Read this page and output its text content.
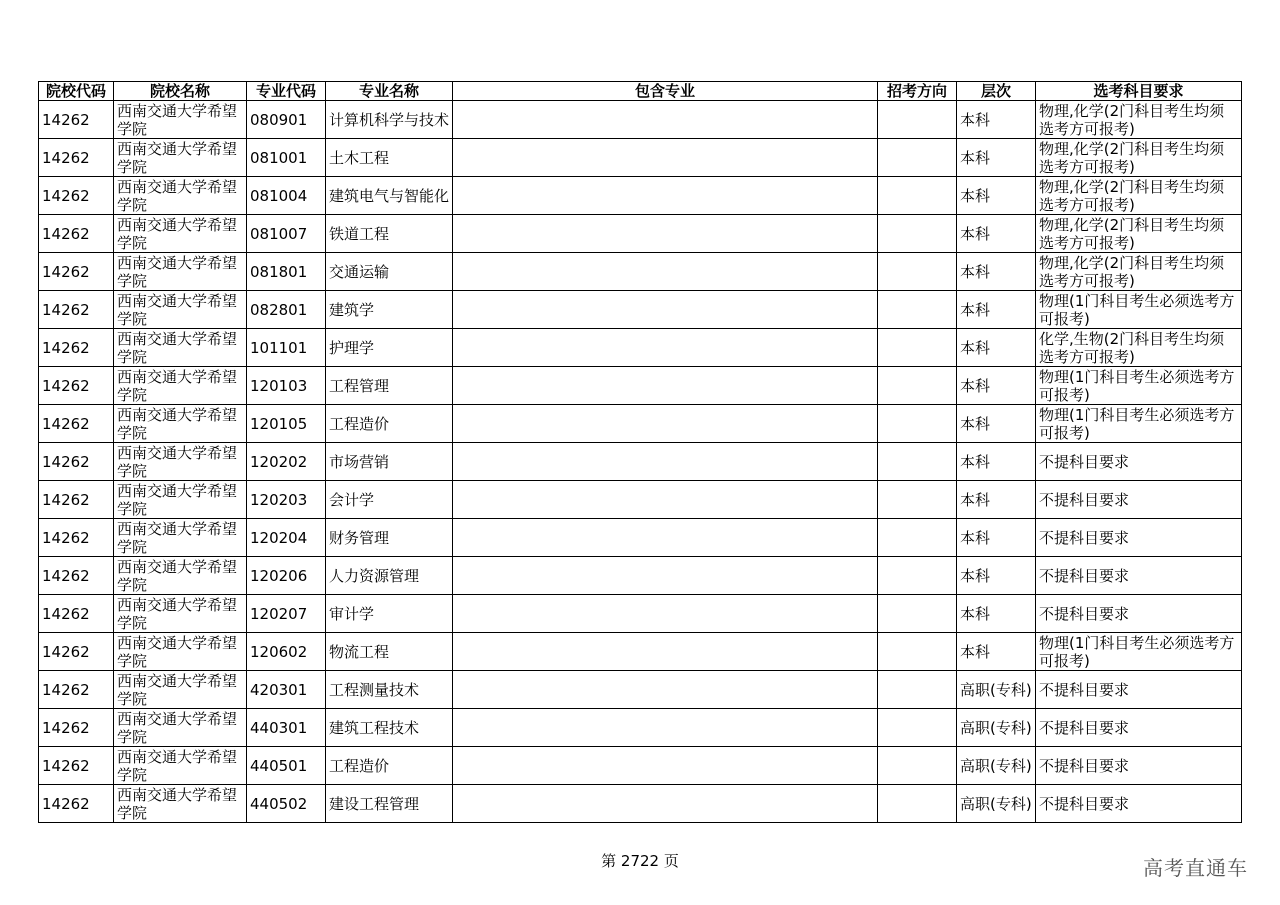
院校代码	院校名称	专业代码	专业名称	包含专业	招考方向	层次	选考科目要求
14262	西南交通大学希望学院	080901	计算机科学与技术			本科	物理,化学(2门科目考生均须选考方可报考)
14262	西南交通大学希望学院	081001	土木工程			本科	物理,化学(2门科目考生均须选考方可报考)
14262	西南交通大学希望学院	081004	建筑电气与智能化			本科	物理,化学(2门科目考生均须选考方可报考)
14262	西南交通大学希望学院	081007	铁道工程			本科	物理,化学(2门科目考生均须选考方可报考)
14262	西南交通大学希望学院	081801	交通运输			本科	物理,化学(2门科目考生均须选考方可报考)
14262	西南交通大学希望学院	082801	建筑学			本科	物理(1门科目考生必须选考方可报考)
14262	西南交通大学希望学院	101101	护理学			本科	化学,生物(2门科目考生均须选考方可报考)
14262	西南交通大学希望学院	120103	工程管理			本科	物理(1门科目考生必须选考方可报考)
14262	西南交通大学希望学院	120105	工程造价			本科	物理(1门科目考生必须选考方可报考)
14262	西南交通大学希望学院	120202	市场营销			本科	不提科目要求
14262	西南交通大学希望学院	120203	会计学			本科	不提科目要求
14262	西南交通大学希望学院	120204	财务管理			本科	不提科目要求
14262	西南交通大学希望学院	120206	人力资源管理			本科	不提科目要求
14262	西南交通大学希望学院	120207	审计学			本科	不提科目要求
14262	西南交通大学希望学院	120602	物流工程			本科	物理(1门科目考生必须选考方可报考)
14262	西南交通大学希望学院	420301	工程测量技术			高职(专科)	不提科目要求
14262	西南交通大学希望学院	440301	建筑工程技术			高职(专科)	不提科目要求
14262	西南交通大学希望学院	440501	工程造价			高职(专科)	不提科目要求
14262	西南交通大学希望学院	440502	建设工程管理			高职(专科)	不提科目要求
第 2722 页	高考直通车
